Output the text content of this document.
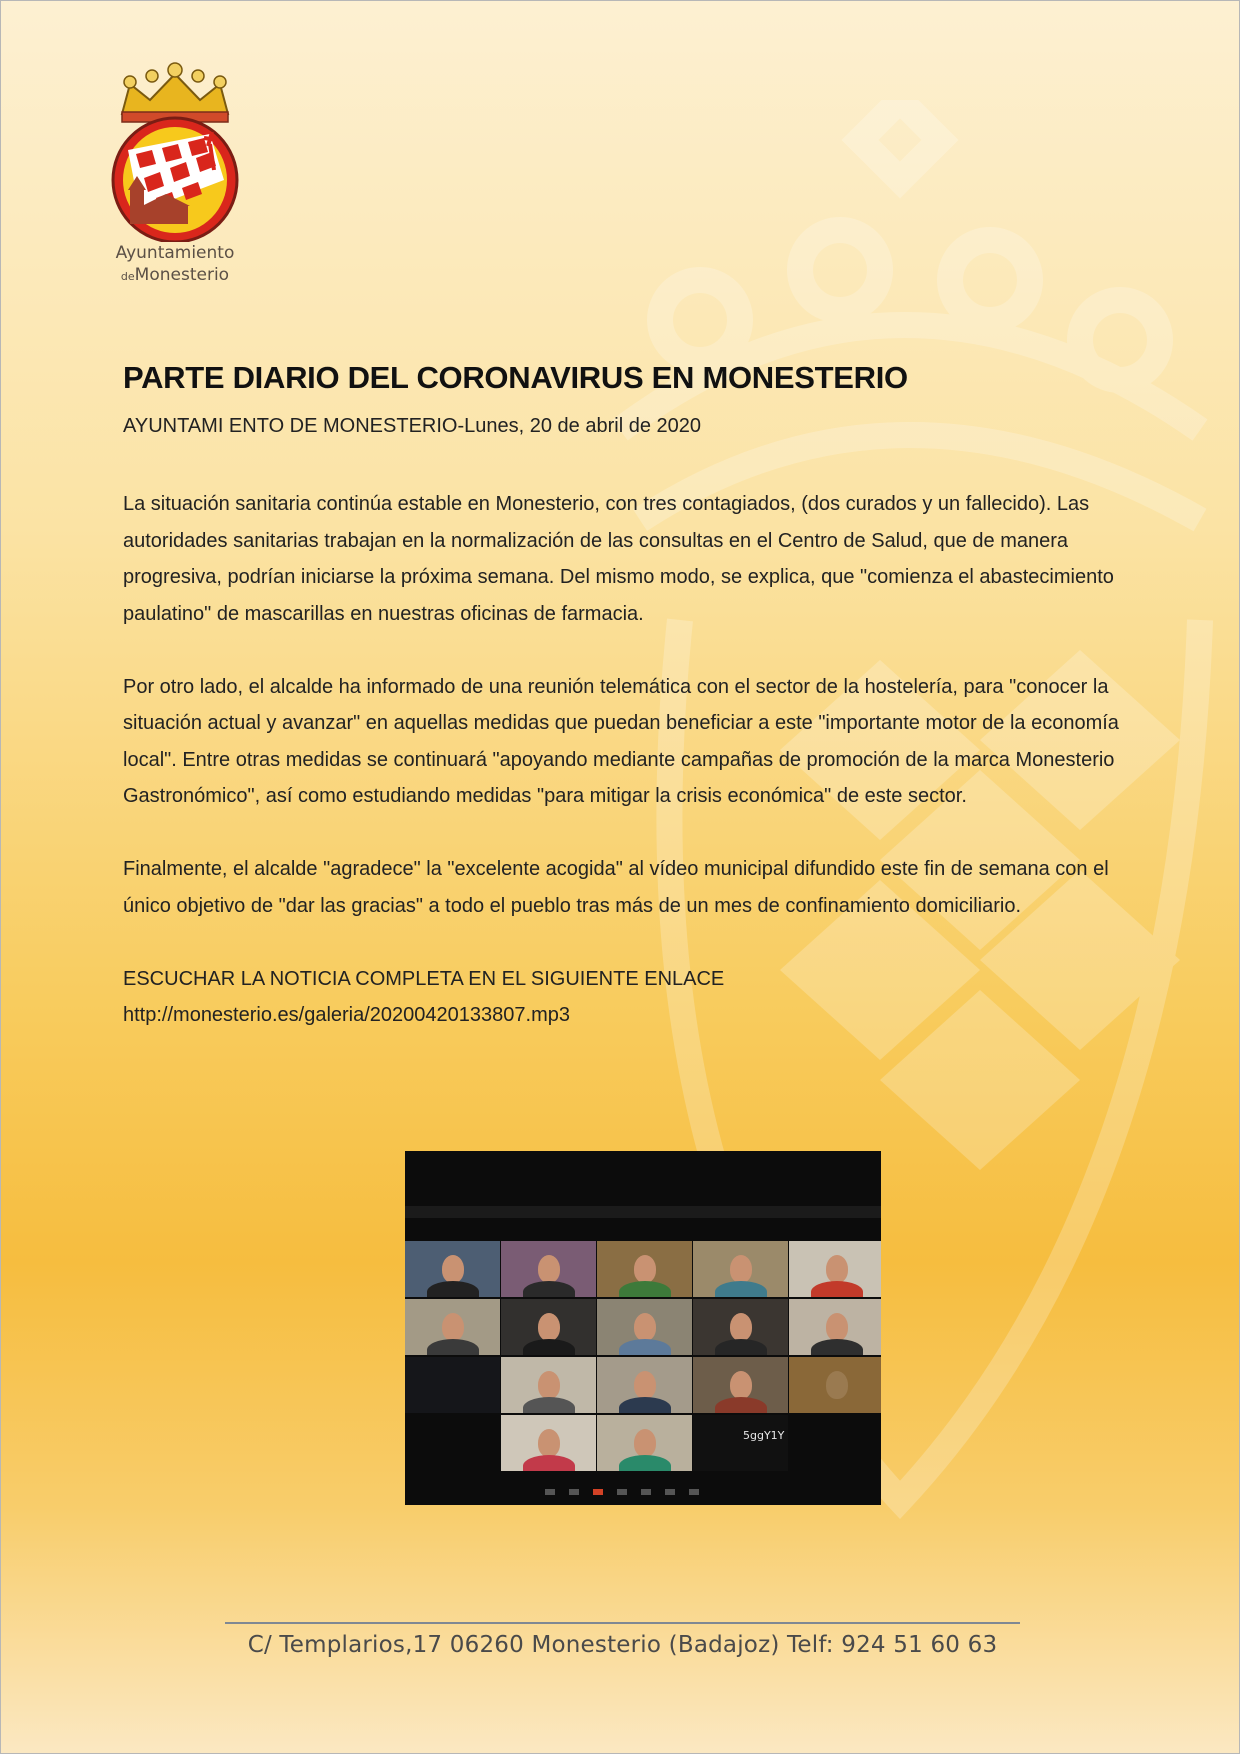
Ayuntamiento
deMonesterio
PARTE DIARIO DEL CORONAVIRUS EN MONESTERIO

AYUNTAMI ENTO DE MONESTERIO-Lunes, 20 de abril de 2020

La situación sanitaria continúa estable en Monesterio, con tres contagiados, (dos curados y un fallecido). Las autoridades sanitarias trabajan en la normalización de las consultas en el Centro de Salud, que de manera progresiva, podrían iniciarse la próxima semana. Del mismo modo, se explica, que "comienza el abastecimiento paulatino" de mascarillas en nuestras oficinas de farmacia.

Por otro lado, el alcalde ha informado de una reunión telemática con el sector de la hostelería, para "conocer la situación actual y avanzar" en aquellas medidas que puedan beneficiar a este "importante motor de la economía local". Entre otras medidas se continuará "apoyando mediante campañas de promoción de la marca Monesterio Gastronómico", así como estudiando medidas "para mitigar la crisis económica" de este sector.

Finalmente, el alcalde "agradece" la "excelente acogida" al vídeo municipal difundido este fin de semana con el único objetivo de "dar las gracias" a todo el pueblo tras más de un mes de confinamiento domiciliario.

ESCUCHAR LA NOTICIA COMPLETA EN EL SIGUIENTE ENLACE
http://monesterio.es/galeria/20200420133807.mp3
5ggY1Y

C/ Templarios,17 06260 Monesterio (Badajoz) Telf: 924 51 60 63
